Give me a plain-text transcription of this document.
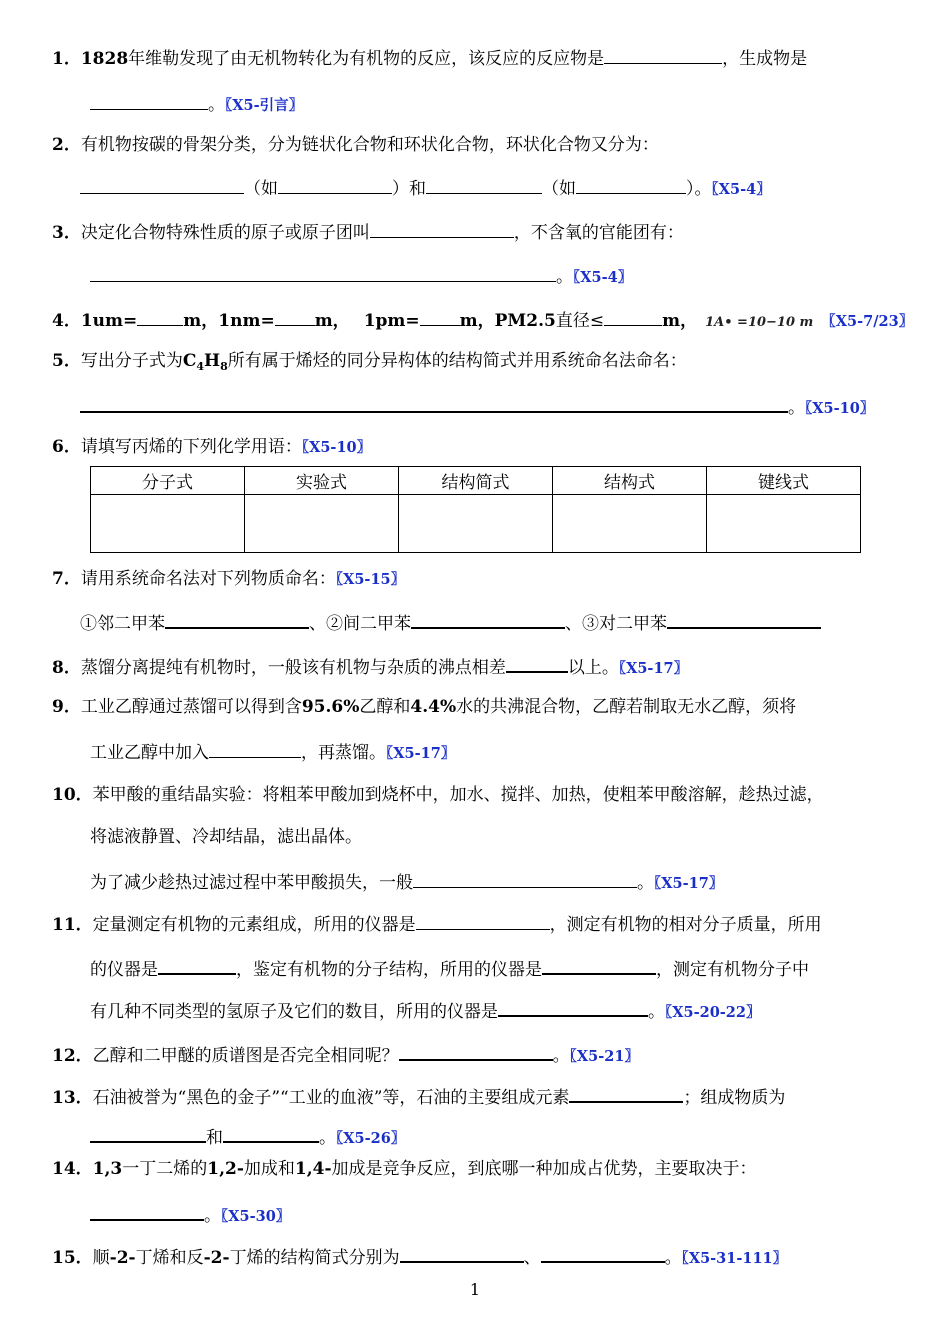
1．1828年维勒发现了由无机物转化为有机物的反应，该反应的反应物是	，生成物是
。〖X5-引言〗
2．有机物按碳的骨架分类，分为链状化合物和环状化合物，环状化合物又分为：
（如	）和	（如	）。〖X5-4〗
3．决定化合物特殊性质的原子或原子团叫	，不含氧的官能团有：
。〖X5-4〗
4．1um=	m，1nm= m， 1pm= m，PM2.5直径≤	m， 1A• =10−10 m 〖X5-7/23〗
5．写出分子式为$C_4H_8$所有属于烯烃的同分异构体的结构简式并用系统命名法命名：
。〖X5-10〗
6．请填写丙烯的下列化学用语：〖X5-10〗
分子式	实验式	结构简式	结构式	键线式

7．请用系统命名法对下列物质命名：〖X5-15〗
①邻二甲苯	、②间二甲苯	、③对二甲苯
8．蒸馏分离提纯有机物时，一般该有机物与杂质的沸点相差	以上。〖X5-17〗
9．工业乙醇通过蒸馏可以得到含95.6%乙醇和4.4%水的共沸混合物，乙醇若制取无水乙醇，须将
工业乙醇中加入	，再蒸馏。〖X5-17〗
10．苯甲酸的重结晶实验：将粗苯甲酸加到烧杯中，加水、搅拌、加热，使粗苯甲酸溶解，趁热过滤，
将滤液静置、冷却结晶，滤出晶体。
为了减少趁热过滤过程中苯甲酸损失，一般	。〖X5-17〗
11．定量测定有机物的元素组成，所用的仪器是	，测定有机物的相对分子质量，所用
的仪器是	，鉴定有机物的分子结构，所用的仪器是	，测定有机物分子中
有几种不同类型的氢原子及它们的数目，所用的仪器是	。〖X5-20-22〗
12．乙醇和二甲醚的质谱图是否完全相同呢？	。〖X5-21〗
13．石油被誉为“黑色的金子”“工业的血液”等，石油的主要组成元素	；组成物质为
和	。〖X5-26〗
14．1,3一丁二烯的1,2-加成和1,4-加成是竞争反应，到底哪一种加成占优势，主要取决于：
。〖X5-30〗
15．顺-2-丁烯和反-2-丁烯的结构简式分别为	、	。〖X5-31-111〗
1
